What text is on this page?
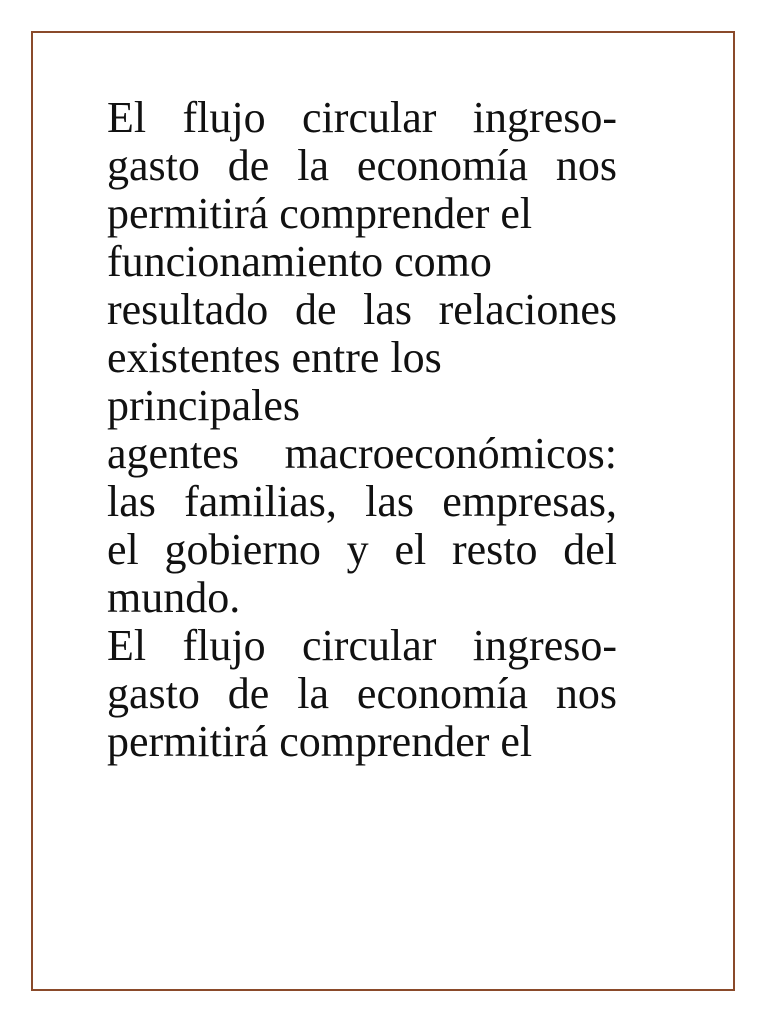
El flujo circular ingreso-
gasto de la economía nos
permitirá comprender el
funcionamiento como
resultado de las relaciones
existentes entre los
principales
agentes macroeconómicos:
las familias, las empresas,
el gobierno y el resto del
mundo.
El flujo circular ingreso-
gasto de la economía nos
permitirá comprender el
